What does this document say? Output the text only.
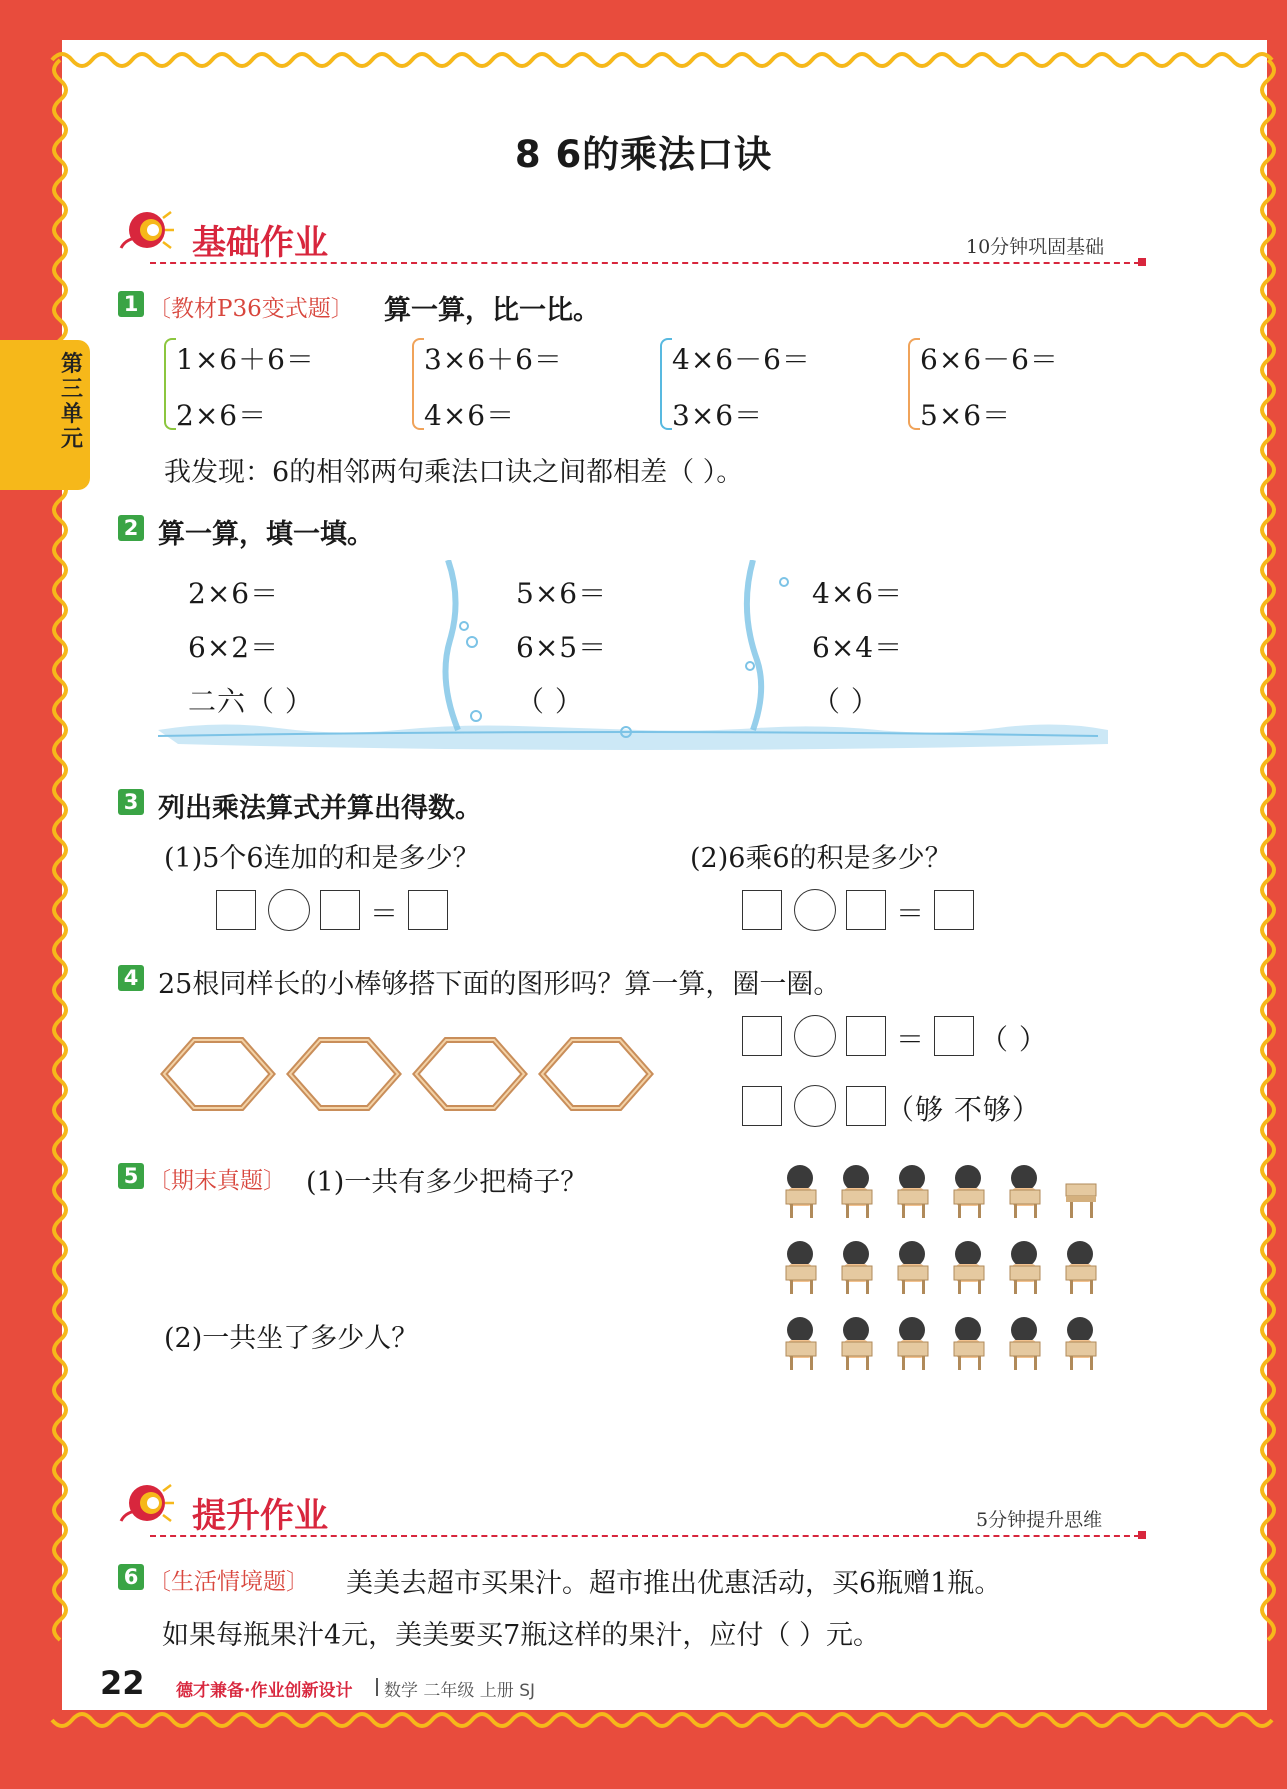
第三单元
8 6的乘法口诀
基础作业	10分钟巩固基础
1 〔教材P36变式题〕 算一算，比一比。
1×6＋6＝
2×6＝
3×6＋6＝
4×6＝
4×6－6＝
3×6＝
6×6－6＝
5×6＝
我发现：6的相邻两句乘法口诀之间都相差（ ）。
2 算一算，填一填。
2×6＝
6×2＝
二六（ ）
5×6＝
6×5＝
（ ）
4×6＝
6×4＝
（ ）
3 列出乘法算式并算出得数。
(1)5个6连加的和是多少？	(2)6乘6的积是多少？
＝	＝
4 25根同样长的小棒够搭下面的图形吗？算一算，圈一圈。
＝ （ ）
（够 不够）
5 〔期末真题〕 (1)一共有多少把椅子？
(2)一共坐了多少人？
提升作业	5分钟提升思维
6 〔生活情境题〕 美美去超市买果汁。超市推出优惠活动，买6瓶赠1瓶。
如果每瓶果汁4元，美美要买7瓶这样的果汁，应付（ ）元。
22 德才兼备·作业创新设计 数学 二年级 上册 SJ
